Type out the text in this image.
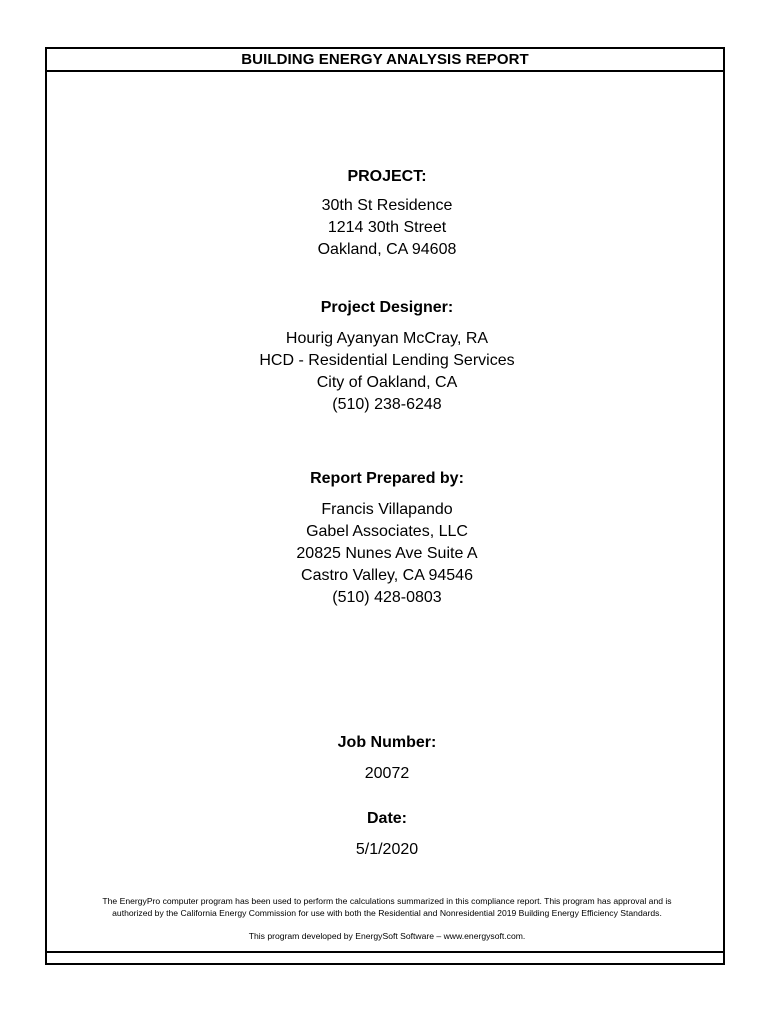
BUILDING ENERGY ANALYSIS REPORT
PROJECT:
30th St Residence
1214 30th Street
Oakland, CA 94608
Project Designer:
Hourig Ayanyan McCray, RA
HCD - Residential Lending Services
City of Oakland, CA
(510) 238-6248
Report Prepared by:
Francis Villapando
Gabel Associates, LLC
20825 Nunes Ave Suite A
Castro Valley, CA 94546
(510) 428-0803
Job Number:
20072
Date:
5/1/2020
The EnergyPro computer program has been used to perform the calculations summarized in this compliance report. This program has approval and is
authorized by the California Energy Commission for use with both the Residential and Nonresidential 2019 Building Energy Efficiency Standards.
This program developed by EnergySoft Software – www.energysoft.com.
